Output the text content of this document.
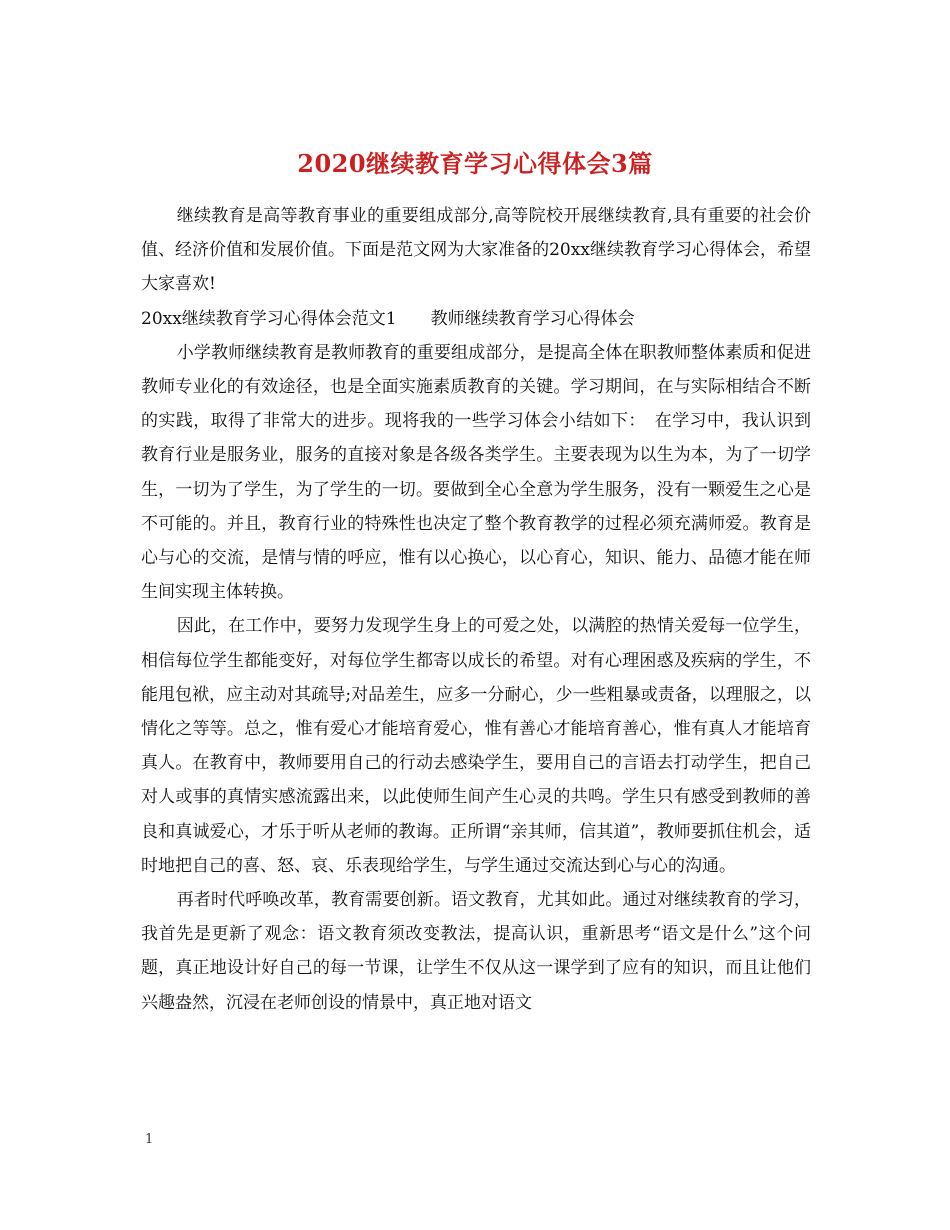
2020继续教育学习心得体会3篇

继续教育是高等教育事业的重要组成部分,高等院校开展继续教育,具有重要的社会价值、经济价值和发展价值。下面是范文网为大家准备的20xx继续教育学习心得体会，希望大家喜欢!

20xx继续教育学习心得体会范文1　　教师继续教育学习心得体会

小学教师继续教育是教师教育的重要组成部分，是提高全体在职教师整体素质和促进教师专业化的有效途径，也是全面实施素质教育的关键。学习期间，在与实际相结合不断的实践，取得了非常大的进步。现将我的一些学习体会小结如下：　在学习中，我认识到教育行业是服务业，服务的直接对象是各级各类学生。主要表现为以生为本，为了一切学生，一切为了学生，为了学生的一切。要做到全心全意为学生服务，没有一颗爱生之心是不可能的。并且，教育行业的特殊性也决定了整个教育教学的过程必须充满师爱。教育是心与心的交流，是情与情的呼应，惟有以心换心，以心育心，知识、能力、品德才能在师生间实现主体转换。

因此，在工作中，要努力发现学生身上的可爱之处，以满腔的热情关爱每一位学生，相信每位学生都能变好，对每位学生都寄以成长的希望。对有心理困惑及疾病的学生，不能甩包袱，应主动对其疏导;对品差生，应多一分耐心，少一些粗暴或责备，以理服之，以情化之等等。总之，惟有爱心才能培育爱心，惟有善心才能培育善心，惟有真人才能培育真人。在教育中，教师要用自己的行动去感染学生，要用自己的言语去打动学生，把自己对人或事的真情实感流露出来，以此使师生间产生心灵的共鸣。学生只有感受到教师的善良和真诚爱心，才乐于听从老师的教诲。正所谓“亲其师，信其道”，教师要抓住机会，适时地把自己的喜、怒、哀、乐表现给学生，与学生通过交流达到心与心的沟通。

再者时代呼唤改革，教育需要创新。语文教育，尤其如此。通过对继续教育的学习，我首先是更新了观念：语文教育须改变教法，提高认识，重新思考“语文是什么”这个问题，真正地设计好自己的每一节课，让学生不仅从这一课学到了应有的知识，而且让他们兴趣盎然，沉浸在老师创设的情景中，真正地对语文

1
